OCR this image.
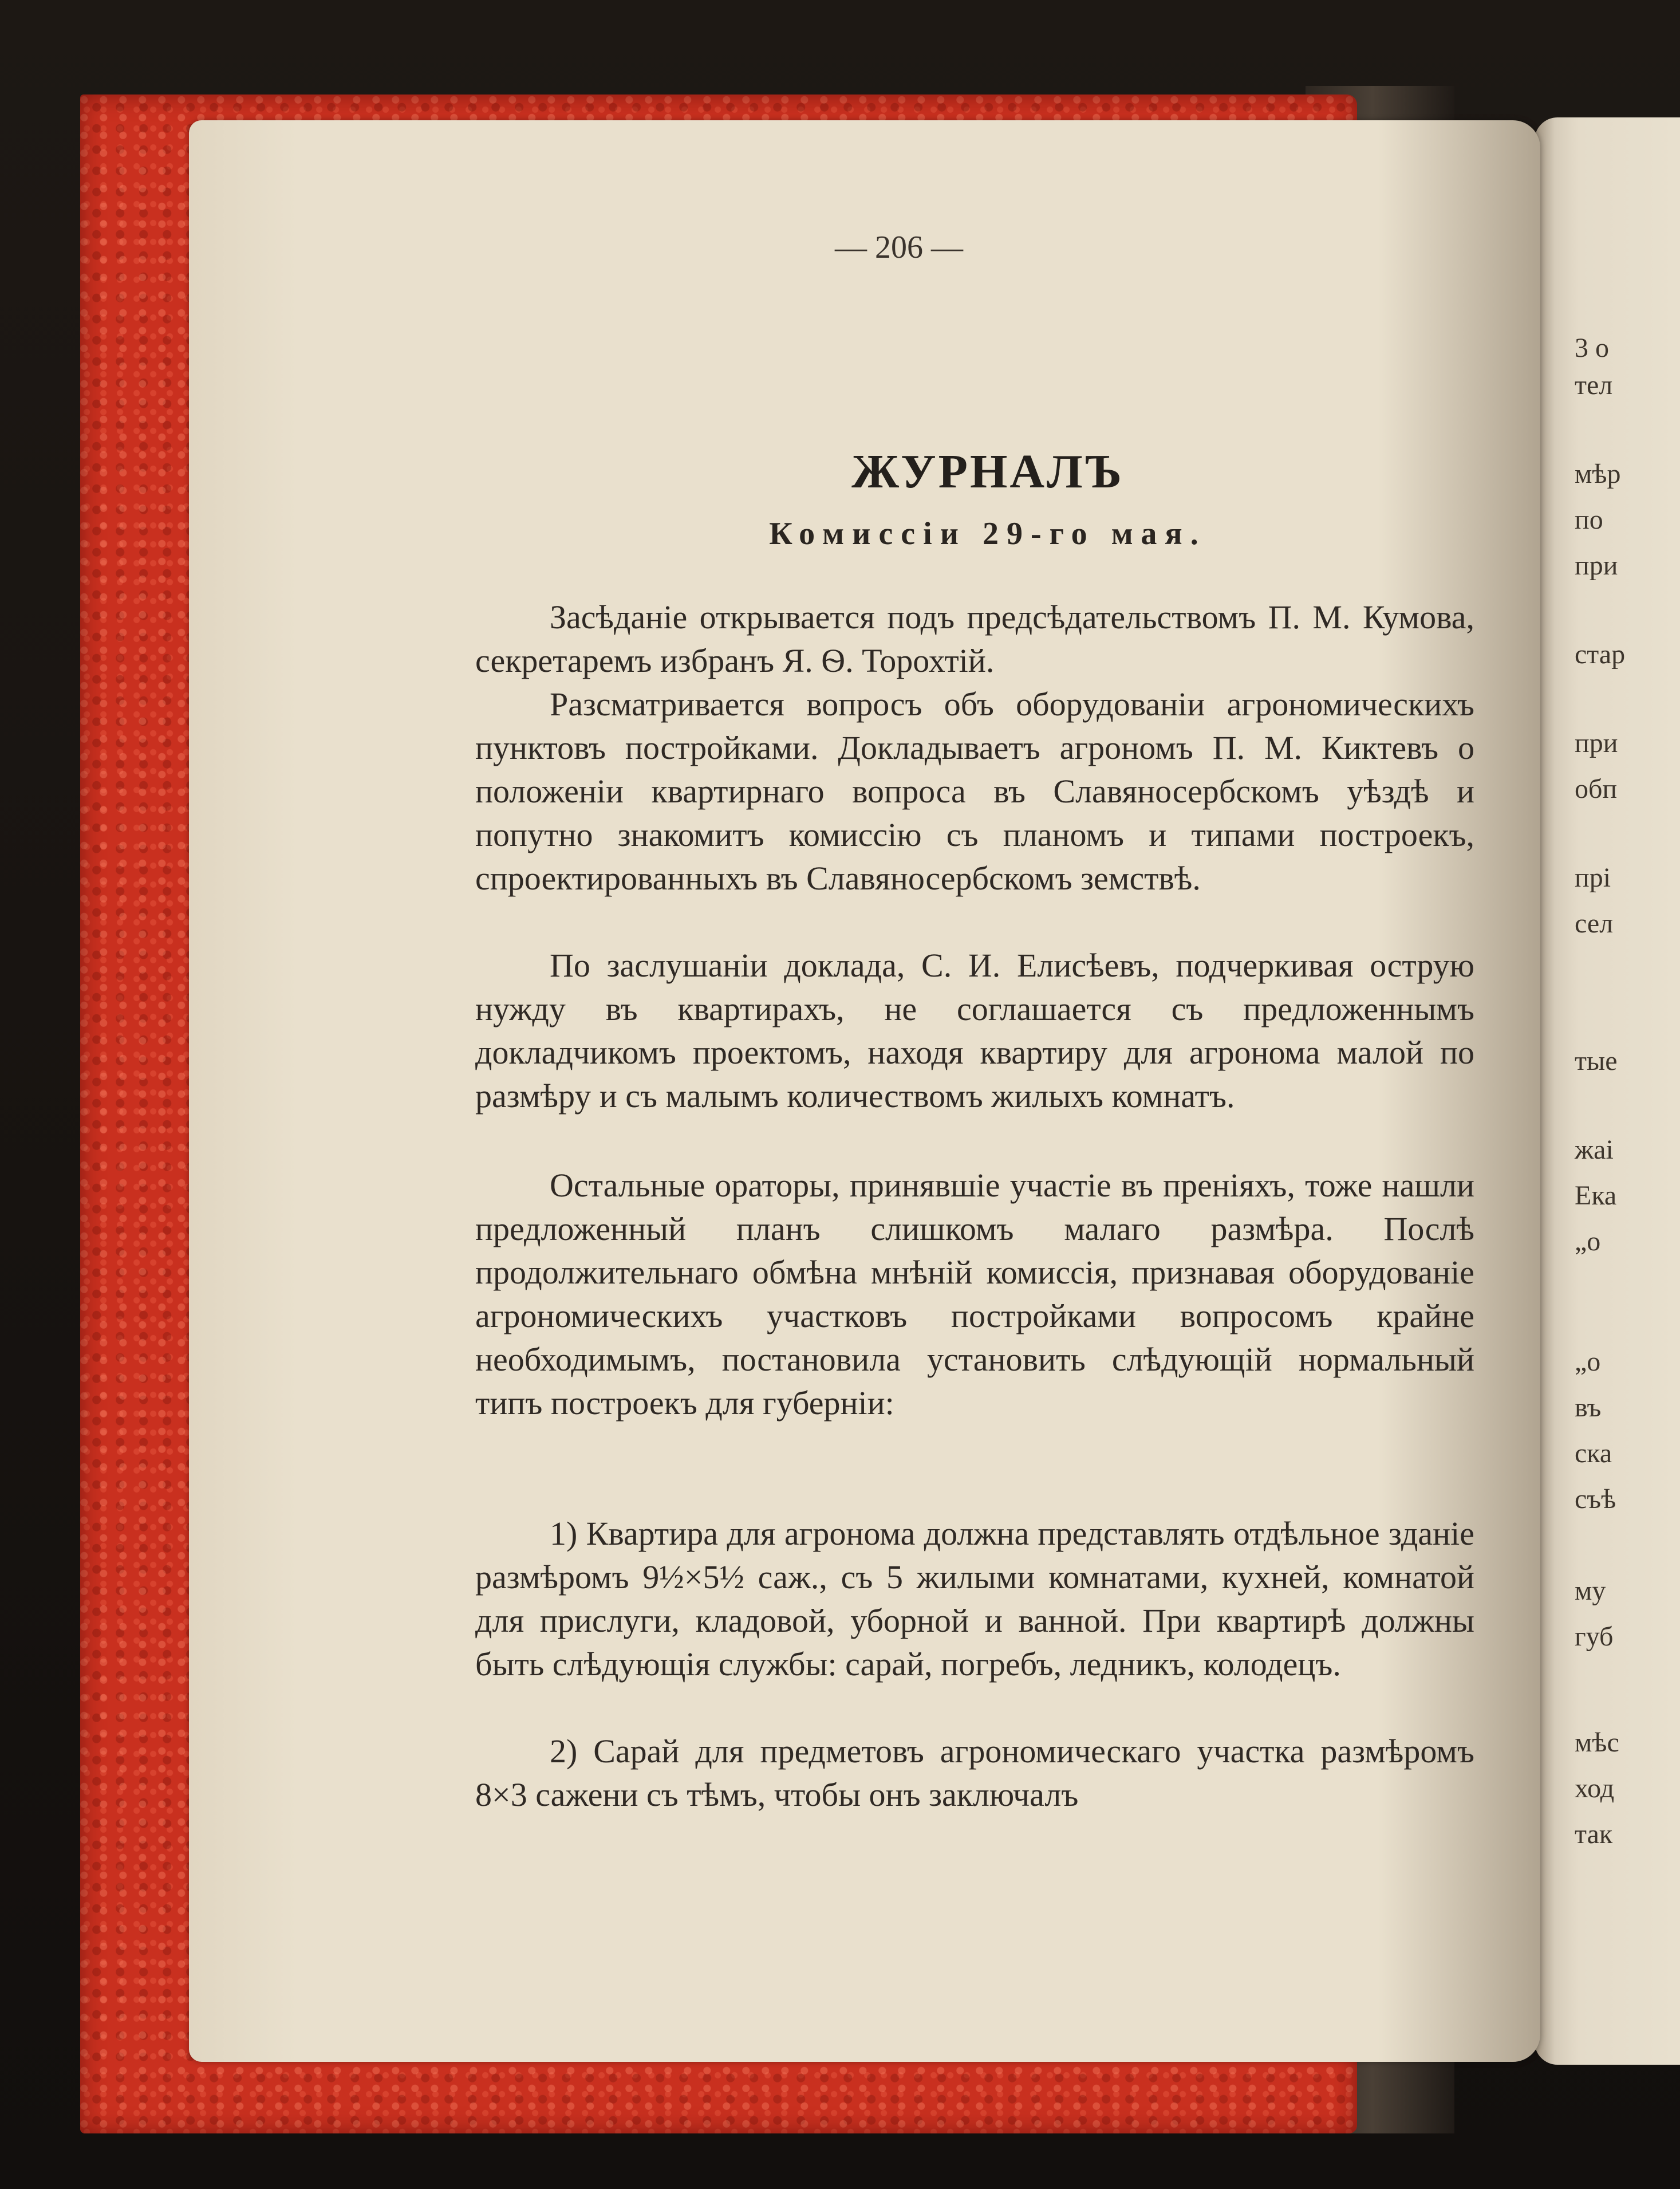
3 о
тел
мѣр
по
при
стар
при
обп
прі
сел
тые
жаі
Ека
„о
„о
въ
ска
съѣ
му
губ
мѣс
ход
так
— 206 —
ЖУРНАЛЪ
Комиссіи 29-го мая.
Засѣданіе открывается подъ предсѣдательствомъ П. М. Кумова, секретаремъ избранъ Я. Ѳ. Торохтій.
Разсматривается вопросъ объ оборудованіи агрономическихъ пунктовъ постройками. Докладываетъ агрономъ П. М. Киктевъ о положеніи квартирнаго вопроса въ Славяносербскомъ уѣздѣ и попутно знакомитъ комиссію съ планомъ и типами построекъ, спроектированныхъ въ Славяносербскомъ земствѣ.
По заслушаніи доклада, С. И. Елисѣевъ, подчеркивая острую нужду въ квартирахъ, не соглашается съ предложеннымъ докладчикомъ проектомъ, находя квартиру для агронома малой по размѣру и съ малымъ количествомъ жилыхъ комнатъ.
Остальные ораторы, принявшіе участіе въ преніяхъ, тоже нашли предложенный планъ слишкомъ малаго размѣра. Послѣ продолжительнаго обмѣна мнѣній комиссія, признавая оборудованіе агрономическихъ участковъ постройками вопросомъ крайне необходимымъ, постановила установить слѣдующій нормальный типъ построекъ для губерніи:
1) Квартира для агронома должна представлять отдѣльное зданіе размѣромъ 9½×5½ саж., съ 5 жилыми комнатами, кухней, комнатой для прислуги, кладовой, уборной и ванной. При квартирѣ должны быть слѣдующія службы: сарай, погребъ, ледникъ, колодецъ.
2) Сарай для предметовъ агрономическаго участка размѣромъ 8×3 сажени съ тѣмъ, чтобы онъ заключалъ
